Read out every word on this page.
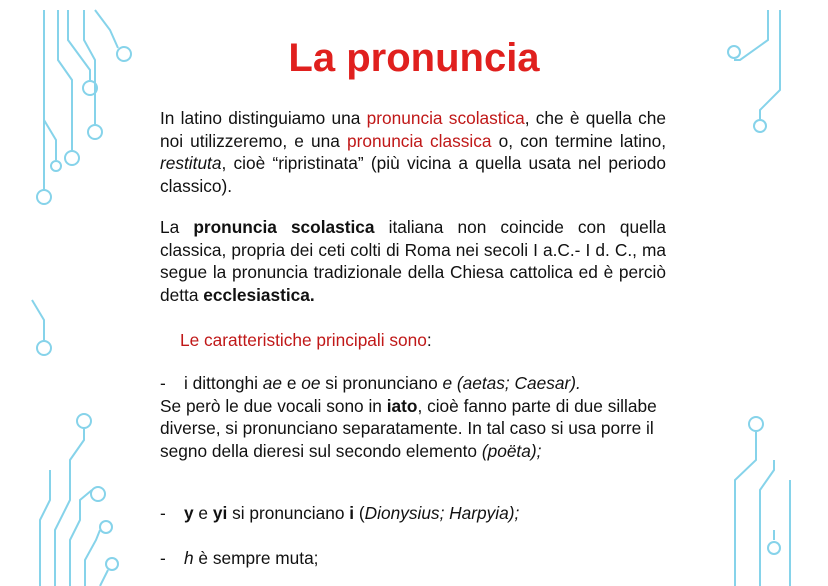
La pronuncia

In latino distinguiamo una pronuncia scolastica, che è quella che noi utilizzeremo, e una pronuncia classica o, con termine latino, restituta, cioè “ripristinata” (più vicina a quella usata nel periodo classico).

La pronuncia scolastica italiana non coincide con quella classica, propria dei ceti colti di Roma nei secoli I a.C.- I d. C., ma segue la pronuncia tradizionale della Chiesa cattolica ed è perciò detta ecclesiastica.

Le caratteristiche principali sono:
- i dittonghi ae e oe si pronunciano e (aetas; Caesar).
Se però le due vocali sono in iato, cioè fanno parte di due sillabe diverse, si pronunciano separatamente. In tal caso si usa porre il segno della dieresi sul secondo elemento (poëta);
- y e yi si pronunciano i (Dionysius; Harpyia);
- h è sempre muta;
